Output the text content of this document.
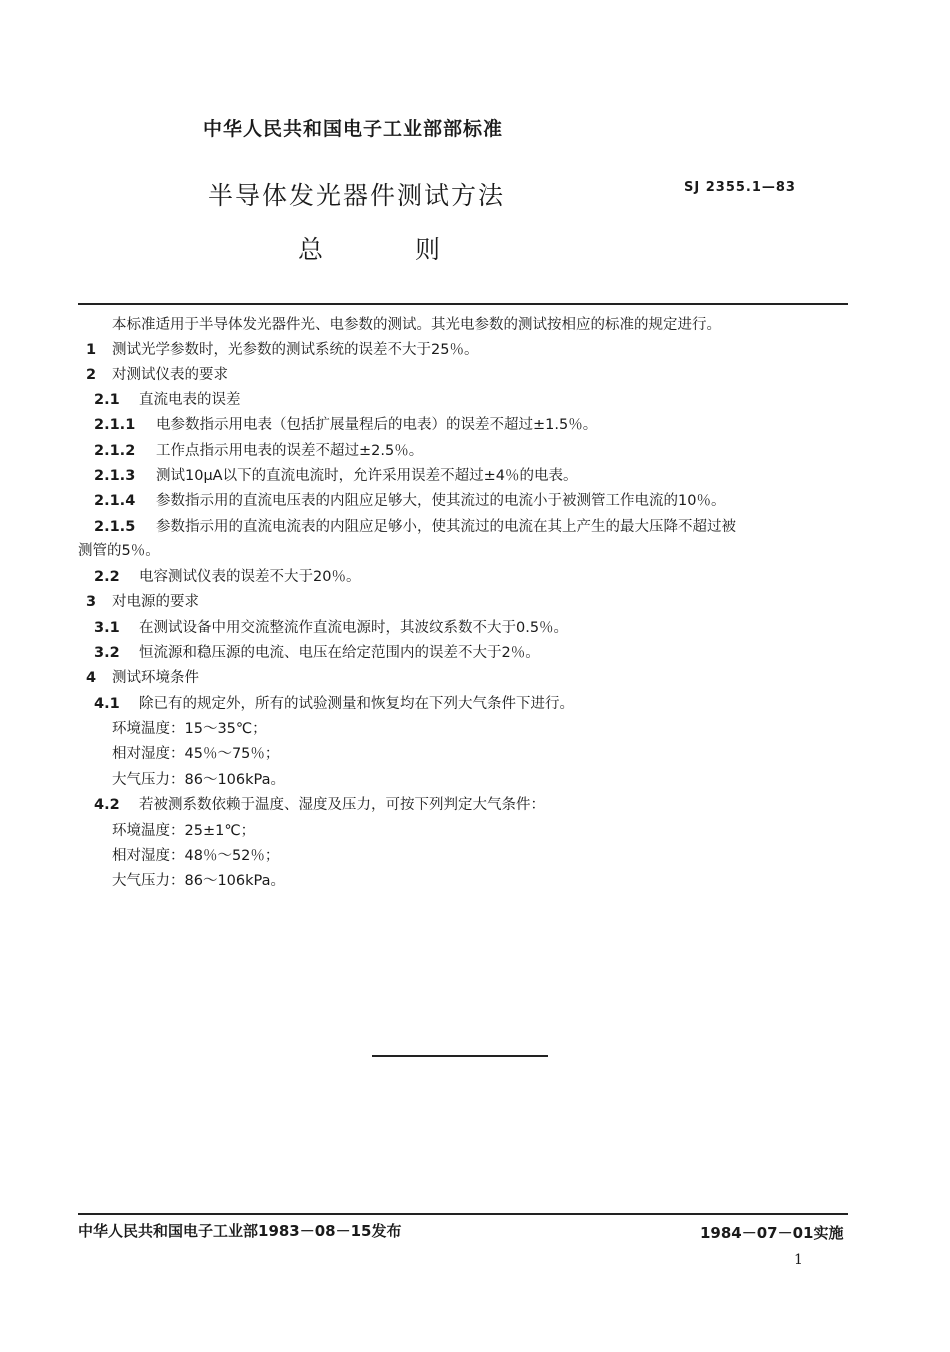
中华人民共和国电子工业部部标准
半导体发光器件测试方法	SJ 2355.1—83
总	则
本标准适用于半导体发光器件光、电参数的测试。其光电参数的测试按相应的标准的规定进行。
1 测试光学参数时，光参数的测试系统的误差不大于25％。
2 对测试仪表的要求
2.1 直流电表的误差
2.1.1 电参数指示用电表（包括扩展量程后的电表）的误差不超过±1.5％。
2.1.2 工作点指示用电表的误差不超过±2.5％。
2.1.3 测试10μA以下的直流电流时，允许采用误差不超过±4％的电表。
2.1.4 参数指示用的直流电压表的内阻应足够大，使其流过的电流小于被测管工作电流的10％。
2.1.5 参数指示用的直流电流表的内阻应足够小，使其流过的电流在其上产生的最大压降不超过被
测管的5％。
2.2 电容测试仪表的误差不大于20％。
3 对电源的要求
3.1 在测试设备中用交流整流作直流电源时，其波纹系数不大于0.5％。
3.2 恒流源和稳压源的电流、电压在给定范围内的误差不大于2％。
4 测试环境条件
4.1 除已有的规定外，所有的试验测量和恢复均在下列大气条件下进行。
环境温度：15～35℃；
相对湿度：45％～75％；
大气压力：86～106kPa。
4.2 若被测系数依赖于温度、湿度及压力，可按下列判定大气条件：
环境温度：25±1℃；
相对湿度：48％～52％；
大气压力：86～106kPa。
中华人民共和国电子工业部1983－08－15发布	1984－07－01实施
1
